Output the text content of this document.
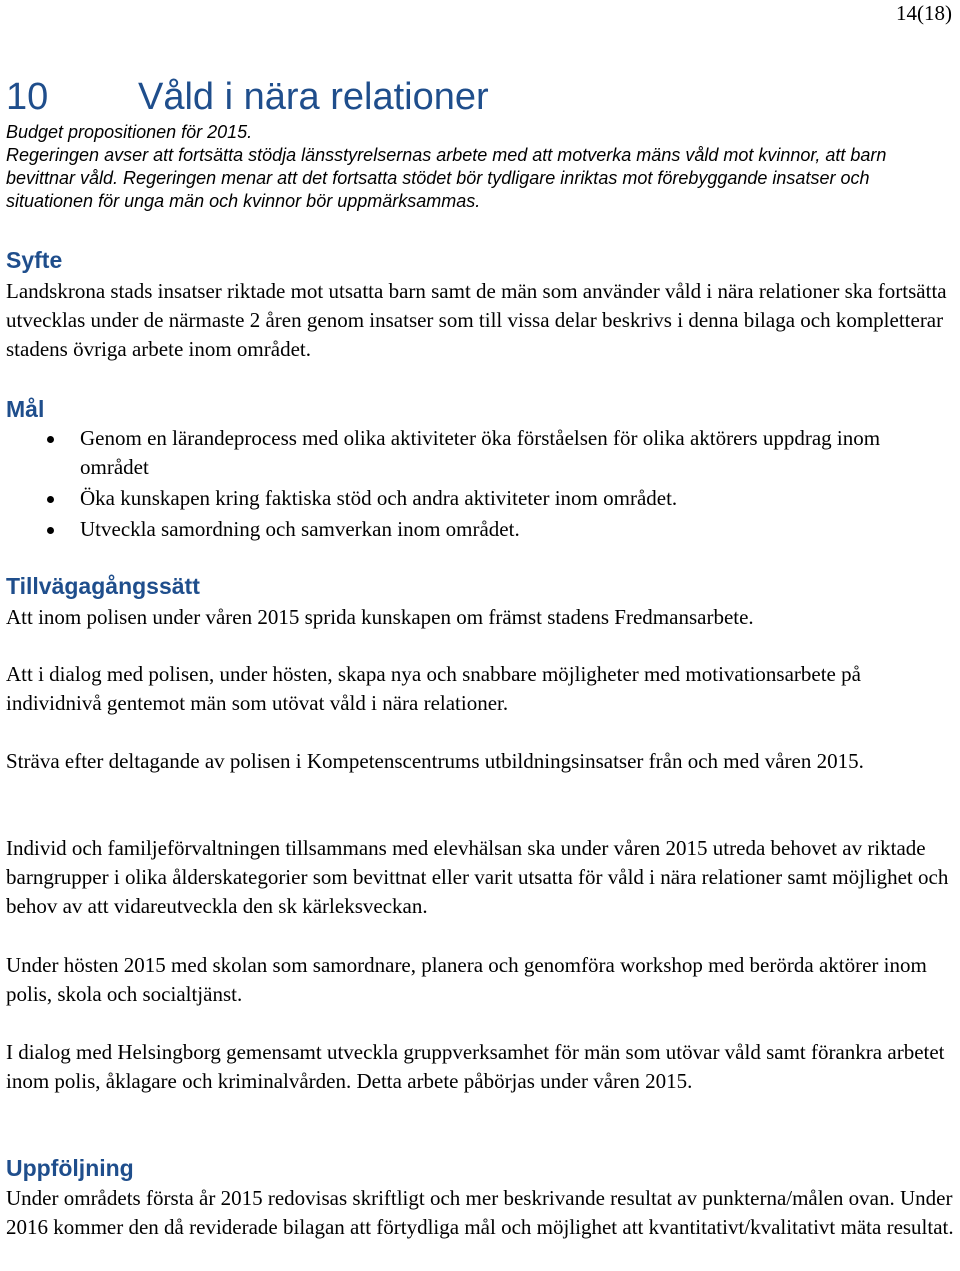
14(18)
10 Våld i nära relationer

Budget propositionen för 2015.

Regeringen avser att fortsätta stödja länsstyrelsernas arbete med att motverka mäns våld mot kvinnor, att barn bevittnar våld. Regeringen menar att det fortsatta stödet bör tydligare inriktas mot förebyggande insatser och situationen för unga män och kvinnor bör uppmärksammas.

Syfte

Landskrona stads insatser riktade mot utsatta barn samt de män som använder våld i nära relationer ska fortsätta utvecklas under de närmaste 2 åren genom insatser som till vissa delar beskrivs i denna bilaga och kompletterar stadens övriga arbete inom området.

Mål
Genom en lärandeprocess med olika aktiviteter öka förståelsen för olika aktörers uppdrag inom området
Öka kunskapen kring faktiska stöd och andra aktiviteter inom området.
Utveckla samordning och samverkan inom området.
Tillvägagångssätt

Att inom polisen under våren 2015 sprida kunskapen om främst stadens Fredmansarbete.

Att i dialog med polisen, under hösten, skapa nya och snabbare möjligheter med motivationsarbete på individnivå gentemot män som utövat våld i nära relationer.

Sträva efter deltagande av polisen i Kompetenscentrums utbildningsinsatser från och med våren 2015.

Individ och familjeförvaltningen tillsammans med elevhälsan ska under våren 2015 utreda behovet av riktade barngrupper i olika ålderskategorier som bevittnat eller varit utsatta för våld i nära relationer samt möjlighet och behov av att vidareutveckla den sk kärleksveckan.

Under hösten 2015 med skolan som samordnare, planera och genomföra workshop med berörda aktörer inom polis, skola och socialtjänst.

I dialog med Helsingborg gemensamt utveckla gruppverksamhet för män som utövar våld samt förankra arbetet inom polis, åklagare och kriminalvården. Detta arbete påbörjas under våren 2015.

Uppföljning

Under områdets första år 2015 redovisas skriftligt och mer beskrivande resultat av punkterna/målen ovan. Under 2016 kommer den då reviderade bilagan att förtydliga mål och möjlighet att kvantitativt/kvalitativt mäta resultat.
